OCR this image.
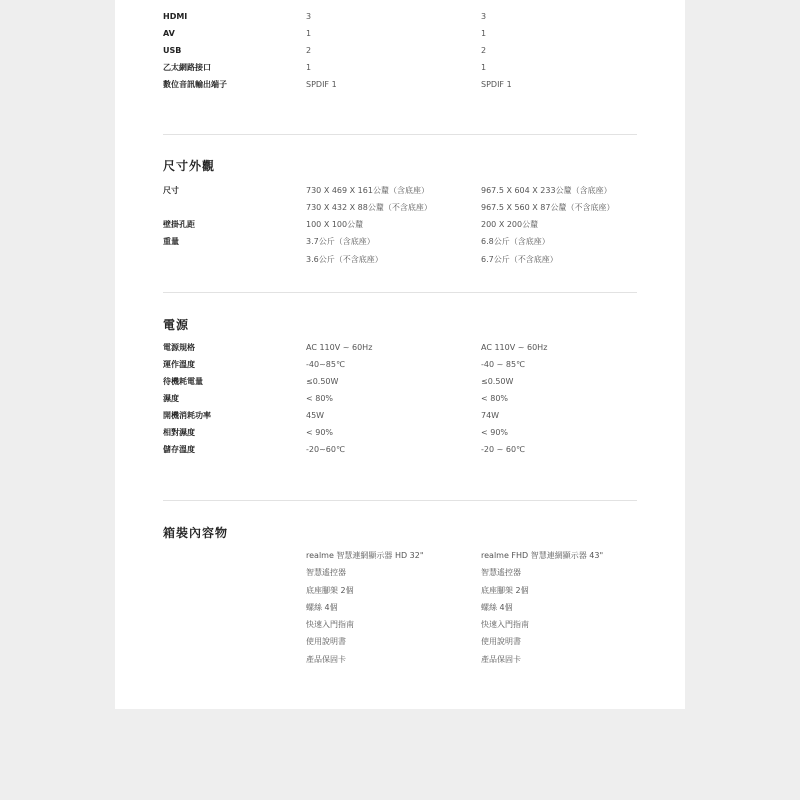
HDMI	3	3
AV	1	1
USB	2	2
乙太網路接口	1	1
數位音訊輸出端子	SPDIF 1	SPDIF 1
尺寸外觀
尺寸	730 X 469 X 161公釐（含底座）	967.5 X 604 X 233公釐（含底座）
730 X 432 X 88公釐（不含底座）	967.5 X 560 X 87公釐（不含底座）
壁掛孔距	100 X 100公釐	200 X 200公釐
重量	3.7公斤（含底座）	6.8公斤（含底座）
3.6公斤（不含底座）	6.7公斤（不含底座）
電源
電源規格	AC 110V ~ 60Hz	AC 110V ~ 60Hz
運作溫度	-40~85℃	-40 ~ 85℃
待機耗電量	≤0.50W	≤0.50W
濕度	< 80%	< 80%
開機消耗功率	45W	74W
相對濕度	< 90%	< 90%
儲存溫度	-20~60℃	-20 ~ 60℃
箱裝內容物
realme 智慧連網顯示器 HD 32"	realme FHD 智慧連網顯示器 43"
智慧遙控器	智慧遙控器
底座腳架 2個	底座腳架 2個
螺絲 4個	螺絲 4個
快速入門指南	快速入門指南
使用說明書	使用說明書
產品保固卡	產品保固卡
